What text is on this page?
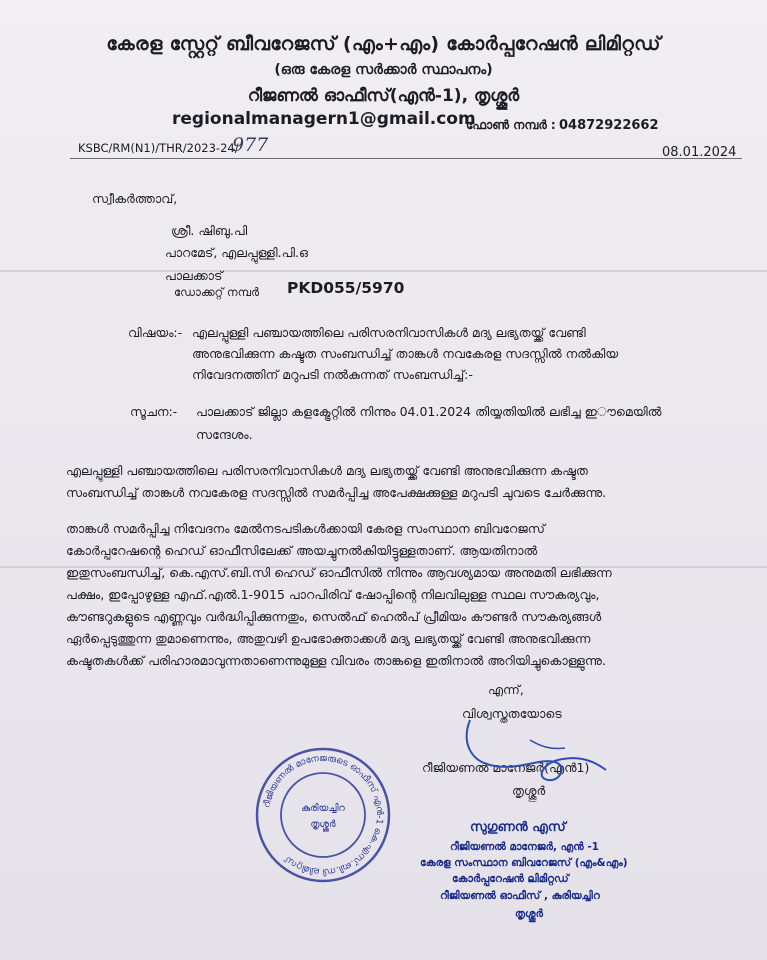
കേരള സ്റ്റേറ്റ് ബീവറേജസ് (എം+എം) കോർപ്പറേഷൻ ലിമിറ്റഡ്
(ഒരു കേരള സർക്കാർ സ്ഥാപനം)
റീജണൽ ഓഫീസ്(എൻ-1), തൃശ്ശൂർ
regionalmanagern1@gmail.com
ഫോൺ നമ്പർ : 04872922662
KSBC/RM(N1)/THR/2023-24/
977	08.01.2024
സ്വീകർത്താവ്,
ശ്രീ. ഷിബു.പി
പാറമേട്, എലപ്പുള്ളി.പി.ഒ
പാലക്കാട്
ഡോക്കറ്റ് നമ്പർ PKD055/5970
വിഷയം:- എലപ്പുള്ളി പഞ്ചായത്തിലെ പരിസരനിവാസികൾ മദ്യ ലഭ്യതയ്ക്ക് വേണ്ടി
അനുഭവിക്കുന്ന കഷ്ടത സംബന്ധിച്ച് താങ്കൾ നവകേരള സദസ്സിൽ നൽകിയ
നിവേദനത്തിന് മറുപടി നൽകുന്നത് സംബന്ധിച്ച്:-
സൂചന:- പാലക്കാട് ജില്ലാ കളക്ട്രേറ്റിൽ നിന്നും 04.01.2024 തിയ്യതിയിൽ ലഭിച്ച ഇൗമെയിൽ
സന്ദേശം.
എലപ്പുള്ളി പഞ്ചായത്തിലെ പരിസരനിവാസികൾ മദ്യ ലഭ്യതയ്ക്ക് വേണ്ടി അനുഭവിക്കുന്ന കഷ്ടത
സംബന്ധിച്ച് താങ്കൾ നവകേരള സദസ്സിൽ സമർപ്പിച്ച അപേക്ഷക്കുള്ള മറുപടി ചുവടെ ചേർക്കുന്നു.
താങ്കൾ സമർപ്പിച്ച നിവേദനം മേൽനടപടികൾക്കായി കേരള സംസ്ഥാന ബിവറേജസ്
കോർപ്പറേഷന്റെ ഹെഡ് ഓഫീസിലേക്ക് അയച്ചുനൽകിയിട്ടുള്ളതാണ്. ആയതിനാൽ
ഇതുസംബന്ധിച്ച്, കെ.എസ്.ബി.സി ഹെഡ് ഓഫീസിൽ നിന്നും ആവശ്യമായ അനുമതി ലഭിക്കുന്ന
പക്ഷം, ഇപ്പോഴുള്ള എഫ്.എൽ.1-9015 പാറപിരിവ് ഷോപ്പിന്റെ നിലവിലുള്ള സ്ഥല സൗകര്യവും,
കൗണ്ടറുകളുടെ എണ്ണവും വർദ്ധിപ്പിക്കുന്നതും, സെൽഫ് ഹെൽപ് പ്രീമിയം കൗണ്ടർ സൗകര്യങ്ങൾ
ഏർപ്പെടുത്തുന്ന തുമാണെന്നും, അതുവഴി ഉപഭോക്താക്കൾ മദ്യ ലഭ്യതയ്ക്ക് വേണ്ടി അനുഭവിക്കുന്ന
കഷ്ടതകൾക്ക് പരിഹാരമാവുന്നതാണെന്നുമുള്ള വിവരം താങ്കളെ ഇതിനാൽ അറിയിച്ചുകൊള്ളുന്നു.
എന്ന്,
വിശ്വസ്തതയോടെ
റീജിയണൽ മാനേജർ(എൻ1)
തൃശ്ശൂർ
റീജിയണൽ മാനേജരുടെ ഓഫീസ് എൻ-1 കെ.എസ്.ബി.സി ലിമിറ്റഡ്
കുരിയച്ചിറ
തൃശ്ശൂർ	സുഗുണൻ എസ്
റീജിയണൽ മാനേജർ, എൻ -1
കേരള സംസ്ഥാന ബിവറേജസ് (എം&എം)
കോർപ്പറേഷൻ ലിമിറ്റഡ്
റീജിയണൽ ഓഫീസ് , കുരിയച്ചിറ
തൃശ്ശൂർ
